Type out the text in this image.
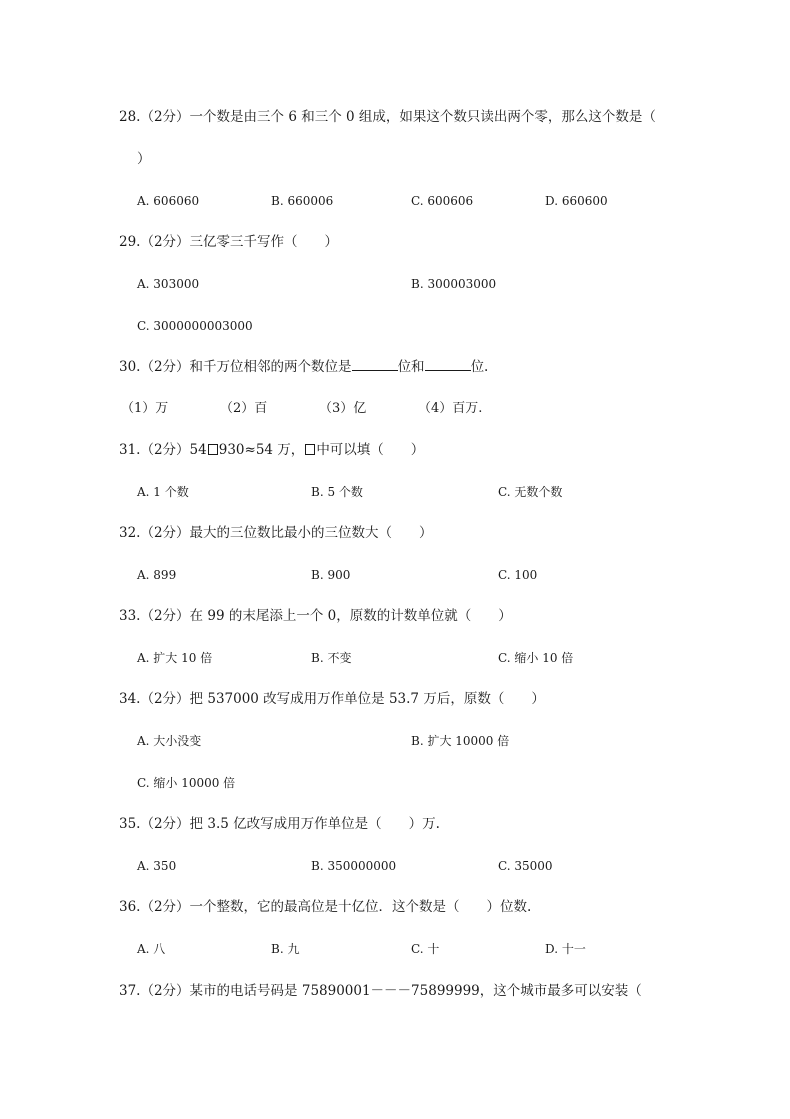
28.（2分）一个数是由三个 6 和三个 0 组成，如果这个数只读出两个零，那么这个数是（
）
A. 606060	B. 660006	C. 600606	D. 660600
29.（2分）三亿零三千写作（　　）
A. 303000	B. 300003000
C. 3000000003000
30.（2分）和千万位相邻的两个数位是	位和	位.
（1）万	（2）百	（3）亿	（4）百万.
31.（2分）54 930≈54 万， 中可以填（　　）
A. 1 个数	B. 5 个数	C. 无数个数
32.（2分）最大的三位数比最小的三位数大（　　）
A. 899	B. 900	C. 100
33.（2分）在 99 的末尾添上一个 0，原数的计数单位就（　　）
A. 扩大 10 倍	B. 不变	C. 缩小 10 倍
34.（2分）把 537000 改写成用万作单位是 53.7 万后，原数（　　）
A. 大小没变	B. 扩大 10000 倍
C. 缩小 10000 倍
35.（2分）把 3.5 亿改写成用万作单位是（　　）万.
A. 350	B. 350000000	C. 35000
36.（2分）一个整数，它的最高位是十亿位．这个数是（　　）位数.
A. 八	B. 九	C. 十	D. 十一
37.（2分）某市的电话号码是 75890001－－－75899999，这个城市最多可以安装（
